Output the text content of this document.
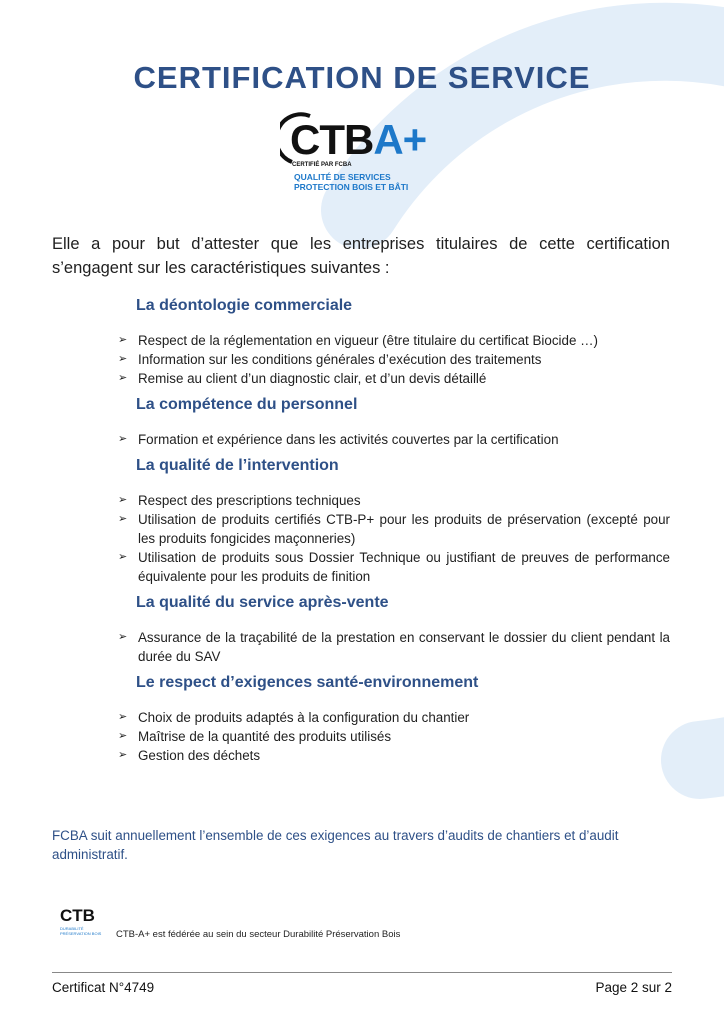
CERTIFICATION DE SERVICE
CTBA+
CERTIFIÉ PAR FCBA
QUALITÉ DE SERVICES
PROTECTION BOIS ET BÂTI
Elle a pour but d’attester que les entreprises titulaires de cette certification s’engagent sur les caractéristiques suivantes :
La déontologie commerciale
➢ Respect de la réglementation en vigueur (être titulaire du certificat Biocide …)
➢ Information sur les conditions générales d’exécution des traitements
➢ Remise au client d’un diagnostic clair, et d’un devis détaillé
La compétence du personnel
➢ Formation et expérience dans les activités couvertes par la certification
La qualité de l’intervention
➢ Respect des prescriptions techniques
➢ Utilisation de produits certifiés CTB-P+ pour les produits de préservation (excepté pour les produits fongicides maçonneries)
➢ Utilisation de produits sous Dossier Technique ou justifiant de preuves de performance équivalente pour les produits de finition
La qualité du service après-vente
➢ Assurance de la traçabilité de la prestation en conservant le dossier du client pendant la durée du SAV
Le respect d’exigences santé-environnement
➢ Choix de produits adaptés à la configuration du chantier
➢ Maîtrise de la quantité des produits utilisés
➢ Gestion des déchets
FCBA suit annuellement l’ensemble de ces exigences au travers d’audits de chantiers et d’audit administratif.
CTB
DURABILITÉ
PRÉSERVATION BOIS	CTB-A+ est fédérée au sein du secteur Durabilité Préservation Bois
Certificat N°4749	Page 2 sur 2
